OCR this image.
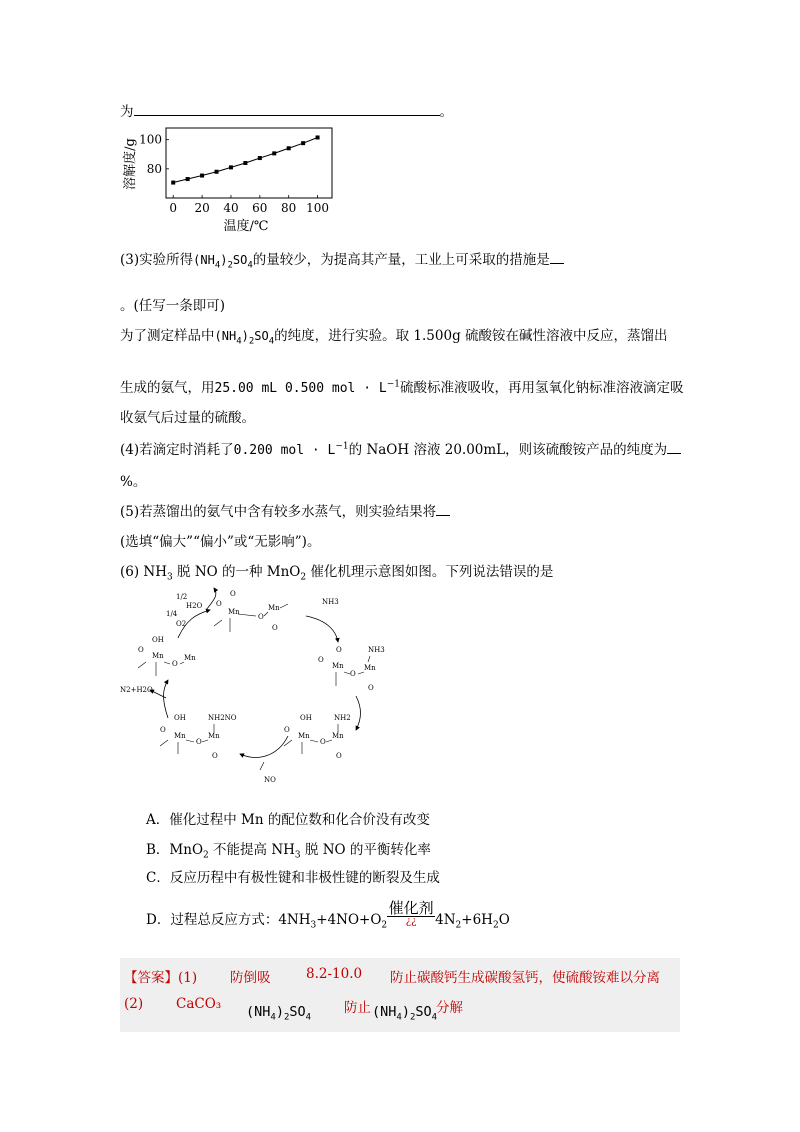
为	。
0 20 40 60 80 100
80
100
溶解度/g
温度/℃
(3)实验所得$(NH_4)_2SO_4$的量较少，为提高其产量，工业上可采取的措施是
。(任写一条即可)
为了测定样品中$(NH_4)_2SO_4$的纯度，进行实验。取 1.500g 硫酸铵在碱性溶液中反应，蒸馏出
生成的氨气，用25.00 mL 0.500 mol · $L^{-1}$硫酸标准液吸收，再用氢氧化钠标准溶液滴定吸
收氨气后过量的硫酸。
(4)若滴定时消耗了0.200 mol · $L^{-1}$的 NaOH 溶液 20.00mL，则该硫酸铵产品的纯度为
%。
(5)若蒸馏出的氨气中含有较多水蒸气，则实验结果将
(选填“偏大”“偏小”或“无影响”)。
(6) $NH_3$ 脱 NO 的一种 MnO$_2$ 催化机理示意图如图。下列说法错误的是
1/2
H2O
1/4
O2
Mn
O
O
O
Mn
O
NH3
OH
Mn
O
O
Mn
NH3
O
Mn
O
O
Mn
O
N2+H2O
OH	NH2NO
Mn
O
O
Mn
O
OH	NH2
Mn
O
O
Mn
O
NO
A．催化过程中 Mn 的配位数和化合价没有改变
B．MnO$_2$ 不能提高 $NH_3$ 脱 NO 的平衡转化率
C．反应历程中有极性键和非极性键的断裂及生成
D．过程总反应方式：$4NH_3+4NO+O_2$
催化剂
¿¿	$4N_2+6H_2O$
【答案】(1) 防倒吸	8.2-10.0 防止碳酸钙生成碳酸氢钙，使硫酸铵难以分离
(2) CaCO₃ $(NH_4)_2SO_4$
防止 $(NH_4)_2SO_4$
分解
